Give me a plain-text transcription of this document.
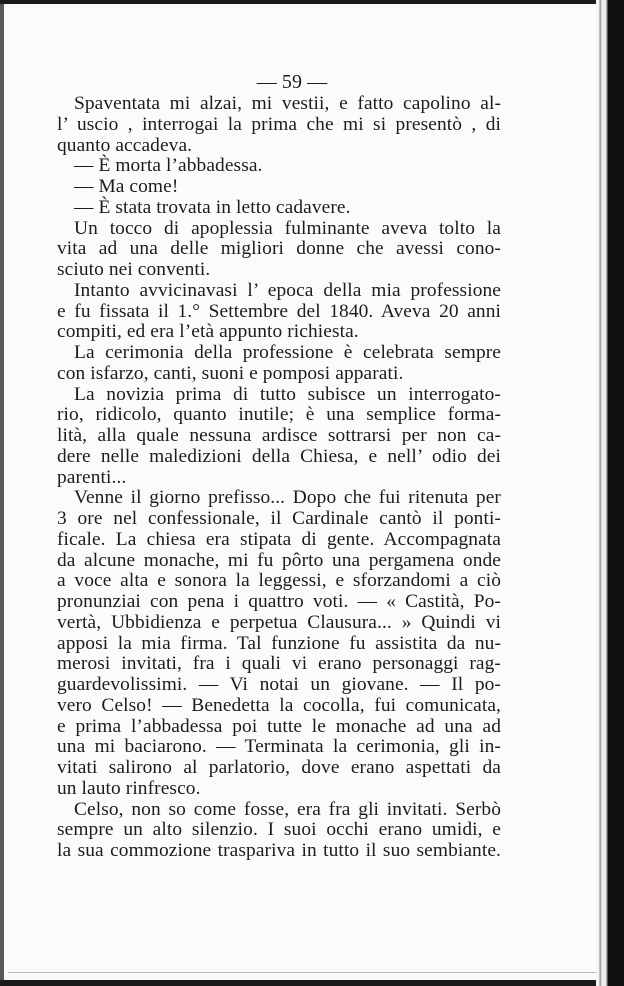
— 59 —
Spaventata mi alzai, mi vestii, e fatto capolino al-
l’ uscio , interrogai la prima che mi si presentò , di
quanto accadeva.
— È morta l’abbadessa.
— Ma come!
— È stata trovata in letto cadavere.
Un tocco di apoplessia fulminante aveva tolto la
vita ad una delle migliori donne che avessi cono-
sciuto nei conventi.
Intanto avvicinavasi l’ epoca della mia professione
e fu fissata il 1.° Settembre del 1840. Aveva 20 anni
compiti, ed era l’età appunto richiesta.
La cerimonia della professione è celebrata sempre
con isfarzo, canti, suoni e pomposi apparati.
La novizia prima di tutto subisce un interrogato-
rio, ridicolo, quanto inutile; è una semplice forma-
lità, alla quale nessuna ardisce sottrarsi per non ca-
dere nelle maledizioni della Chiesa, e nell’ odio dei
parenti...
Venne il giorno prefisso... Dopo che fui ritenuta per
3 ore nel confessionale, il Cardinale cantò il ponti-
ficale. La chiesa era stipata di gente. Accompagnata
da alcune monache, mi fu pôrto una pergamena onde
a voce alta e sonora la leggessi, e sforzandomi a ciò
pronunziai con pena i quattro voti. — « Castità, Po-
vertà, Ubbidienza e perpetua Clausura... » Quindi vi
apposi la mia firma. Tal funzione fu assistita da nu-
merosi invitati, fra i quali vi erano personaggi rag-
guardevolissimi. — Vi notai un giovane. — Il po-
vero Celso! — Benedetta la cocolla, fui comunicata,
e prima l’abbadessa poi tutte le monache ad una ad
una mi baciarono. — Terminata la cerimonia, gli in-
vitati salirono al parlatorio, dove erano aspettati da
un lauto rinfresco.
Celso, non so come fosse, era fra gli invitati. Serbò
sempre un alto silenzio. I suoi occhi erano umidi, e
la sua commozione traspariva in tutto il suo sembiante.
